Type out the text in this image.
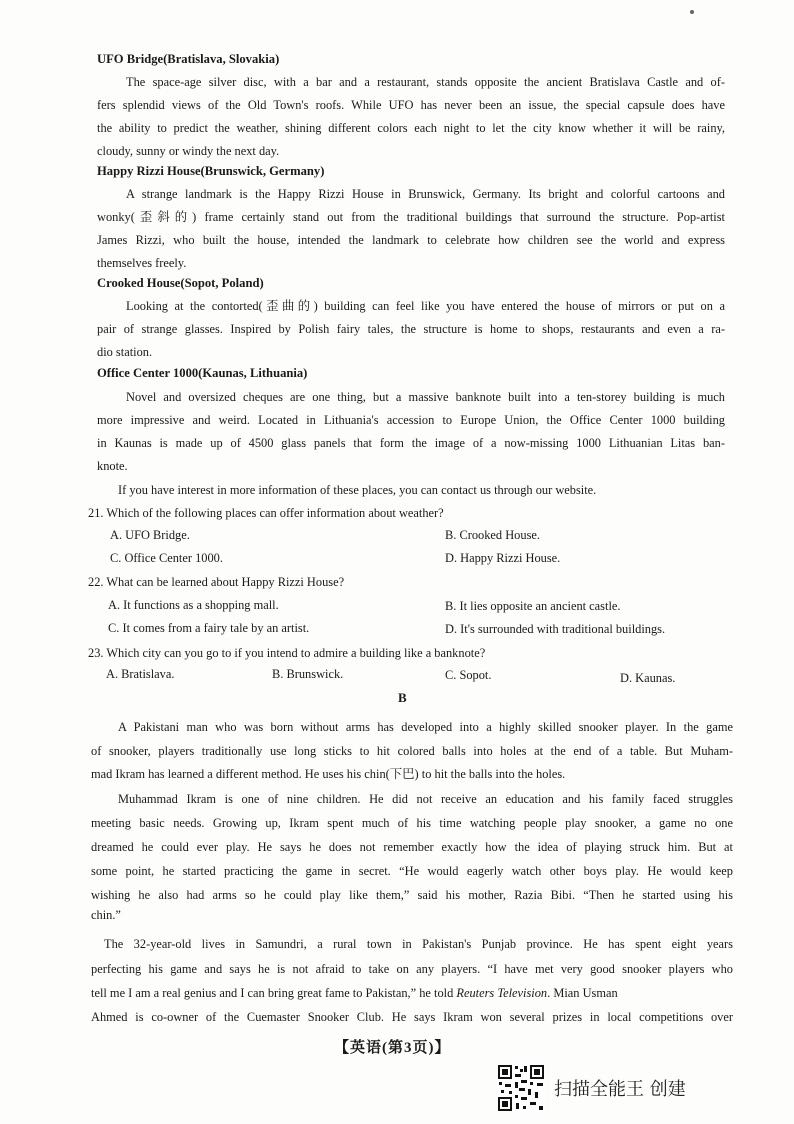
UFO Bridge(Bratislava, Slovakia)
The space-age silver disc, with a bar and a restaurant, stands opposite the ancient Bratislava Castle and of-
fers splendid views of the Old Town's roofs. While UFO has never been an issue, the special capsule does have
the ability to predict the weather, shining different colors each night to let the city know whether it will be rainy,
cloudy, sunny or windy the next day.
Happy Rizzi House(Brunswick, Germany)
A strange landmark is the Happy Rizzi House in Brunswick, Germany. Its bright and colorful cartoons and
wonky(歪斜的) frame certainly stand out from the traditional buildings that surround the structure. Pop-artist
James Rizzi, who built the house, intended the landmark to celebrate how children see the world and express
themselves freely.
Crooked House(Sopot, Poland)
Looking at the contorted(歪曲的) building can feel like you have entered the house of mirrors or put on a
pair of strange glasses. Inspired by Polish fairy tales, the structure is home to shops, restaurants and even a ra-
dio station.
Office Center 1000(Kaunas, Lithuania)
Novel and oversized cheques are one thing, but a massive banknote built into a ten-storey building is much
more impressive and weird. Located in Lithuania's accession to Europe Union, the Office Center 1000 building
in Kaunas is made up of 4500 glass panels that form the image of a now-missing 1000 Lithuanian Litas ban-
knote.
If you have interest in more information of these places, you can contact us through our website.
21. Which of the following places can offer information about weather?
A. UFO Bridge.	B. Crooked House.
C. Office Center 1000.	D. Happy Rizzi House.
22. What can be learned about Happy Rizzi House?
A. It functions as a shopping mall.	B. It lies opposite an ancient castle.
C. It comes from a fairy tale by an artist.	D. It's surrounded with traditional buildings.
23. Which city can you go to if you intend to admire a building like a banknote?
A. Bratislava.	B. Brunswick.	C. Sopot.	D. Kaunas.
B
A Pakistani man who was born without arms has developed into a highly skilled snooker player. In the game
of snooker, players traditionally use long sticks to hit colored balls into holes at the end of a table. But Muham-
mad Ikram has learned a different method. He uses his chin(下巴) to hit the balls into the holes.
Muhammad Ikram is one of nine children. He did not receive an education and his family faced struggles
meeting basic needs. Growing up, Ikram spent much of his time watching people play snooker, a game no one
dreamed he could ever play. He says he does not remember exactly how the idea of playing struck him. But at
some point, he started practicing the game in secret. “He would eagerly watch other boys play. He would keep
wishing he also had arms so he could play like them,” said his mother, Razia Bibi. “Then he started using his
chin.”
The 32-year-old lives in Samundri, a rural town in Pakistan's Punjab province. He has spent eight years
perfecting his game and says he is not afraid to take on any players. “I have met very good snooker players who
tell me I am a real genius and I can bring great fame to Pakistan,” he told Reuters Television. Mian Usman
Ahmed is co-owner of the Cuemaster Snooker Club. He says Ikram won several prizes in local competitions over
【英语(第3页)】
扫描全能王 创建
